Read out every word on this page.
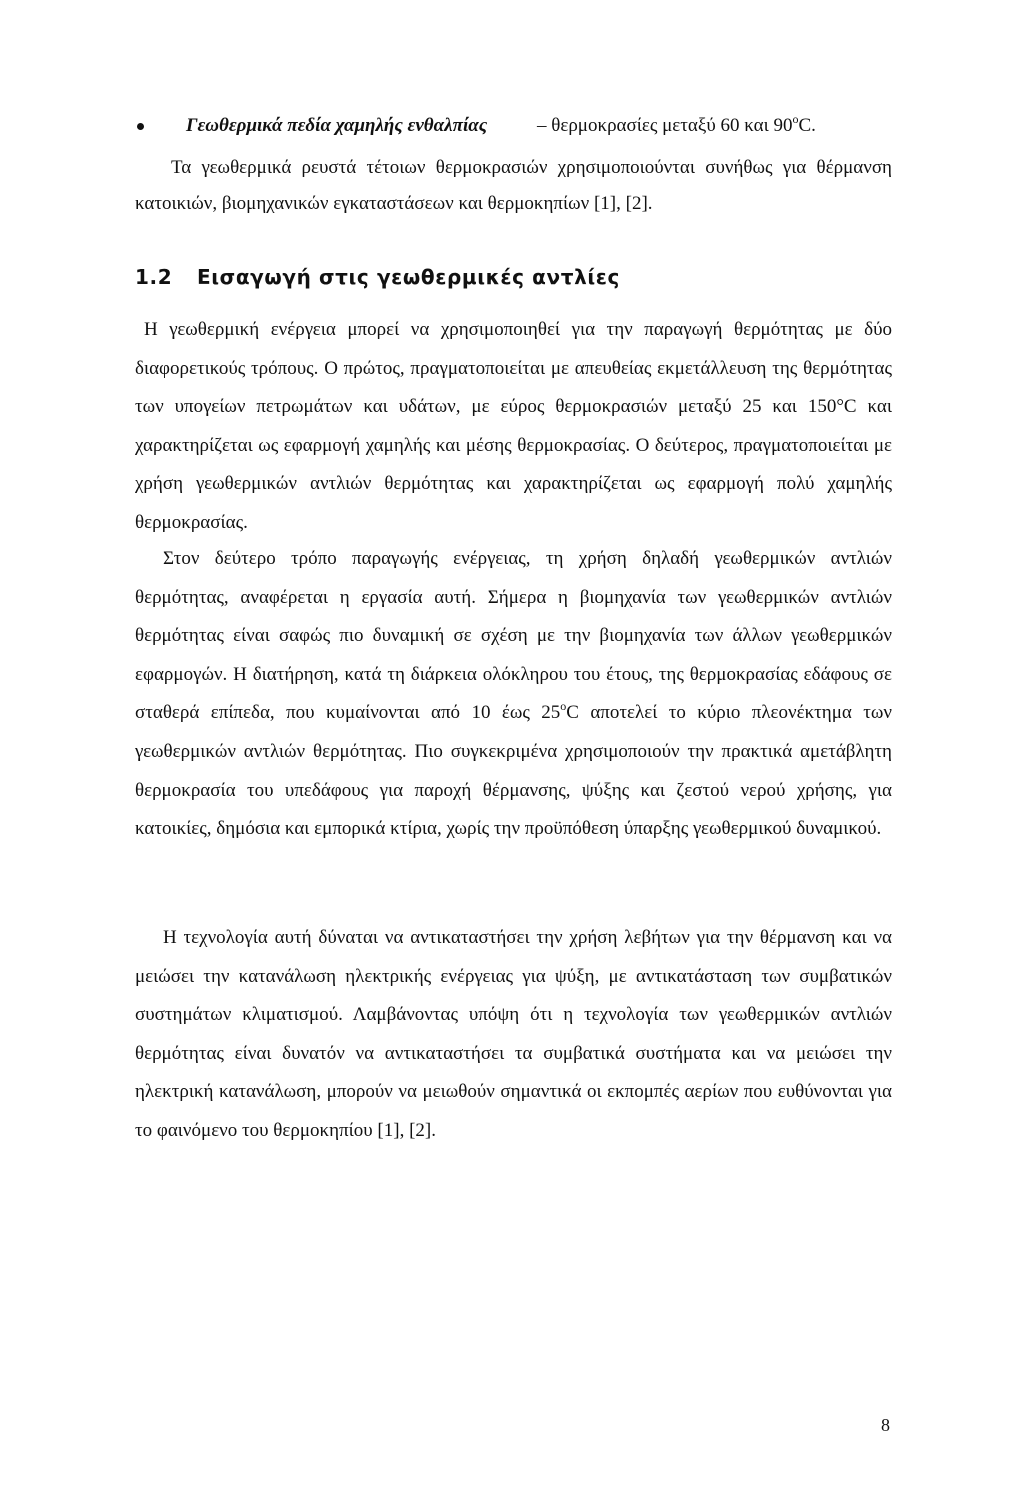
Γεωθερμικά πεδία χαμηλής ενθαλπίας	– θερμοκρασίες μεταξύ 60 και 90$^o$C.

Τα γεωθερμικά ρευστά τέτοιων θερμοκρασιών χρησιμοποιούνται συνήθως για θέρμανση κατοικιών, βιομηχανικών εγκαταστάσεων και θερμοκηπίων [1], [2].

1.2 Εισαγωγή στις γεωθερμικές αντλίες

Η γεωθερμική ενέργεια μπορεί να χρησιμοποιηθεί για την παραγωγή θερμότητας με δύο διαφορετικούς τρόπους. Ο πρώτος, πραγματοποιείται με απευθείας εκμετάλλευση της θερμότητας των υπογείων πετρωμάτων και υδάτων, με εύρος θερμοκρασιών μεταξύ 25 και 150°C και χαρακτηρίζεται ως εφαρμογή χαμηλής και μέσης θερμοκρασίας. Ο δεύτερος, πραγματοποιείται με χρήση γεωθερμικών αντλιών θερμότητας και χαρακτηρίζεται ως εφαρμογή πολύ χαμηλής θερμοκρασίας.

Στον δεύτερο τρόπο παραγωγής ενέργειας, τη χρήση δηλαδή γεωθερμικών αντλιών θερμότητας, αναφέρεται η εργασία αυτή. Σήμερα η βιομηχανία των γεωθερμικών αντλιών θερμότητας είναι σαφώς πιο δυναμική σε σχέση με την βιομηχανία των άλλων γεωθερμικών εφαρμογών. Η διατήρηση, κατά τη διάρκεια ολόκληρου του έτους, της θερμοκρασίας εδάφους σε σταθερά επίπεδα, που κυμαίνονται από 10 έως 25$^o$C αποτελεί το κύριο πλεονέκτημα των γεωθερμικών αντλιών θερμότητας. Πιο συγκεκριμένα χρησιμοποιούν την πρακτικά αμετάβλητη θερμοκρασία του υπεδάφους για παροχή θέρμανσης, ψύξης και ζεστού νερού χρήσης, για κατοικίες, δημόσια και εμπορικά κτίρια, χωρίς την προϋπόθεση ύπαρξης γεωθερμικού δυναμικού.

Η τεχνολογία αυτή δύναται να αντικαταστήσει την χρήση λεβήτων για την θέρμανση και να μειώσει την κατανάλωση ηλεκτρικής ενέργειας για ψύξη, με αντικατάσταση των συμβατικών συστημάτων κλιματισμού. Λαμβάνοντας υπόψη ότι η τεχνολογία των γεωθερμικών αντλιών θερμότητας είναι δυνατόν να αντικαταστήσει τα συμβατικά συστήματα και να μειώσει την ηλεκτρική κατανάλωση, μπορούν να μειωθούν σημαντικά οι εκπομπές αερίων που ευθύνονται για το φαινόμενο του θερμοκηπίου [1], [2].

8
